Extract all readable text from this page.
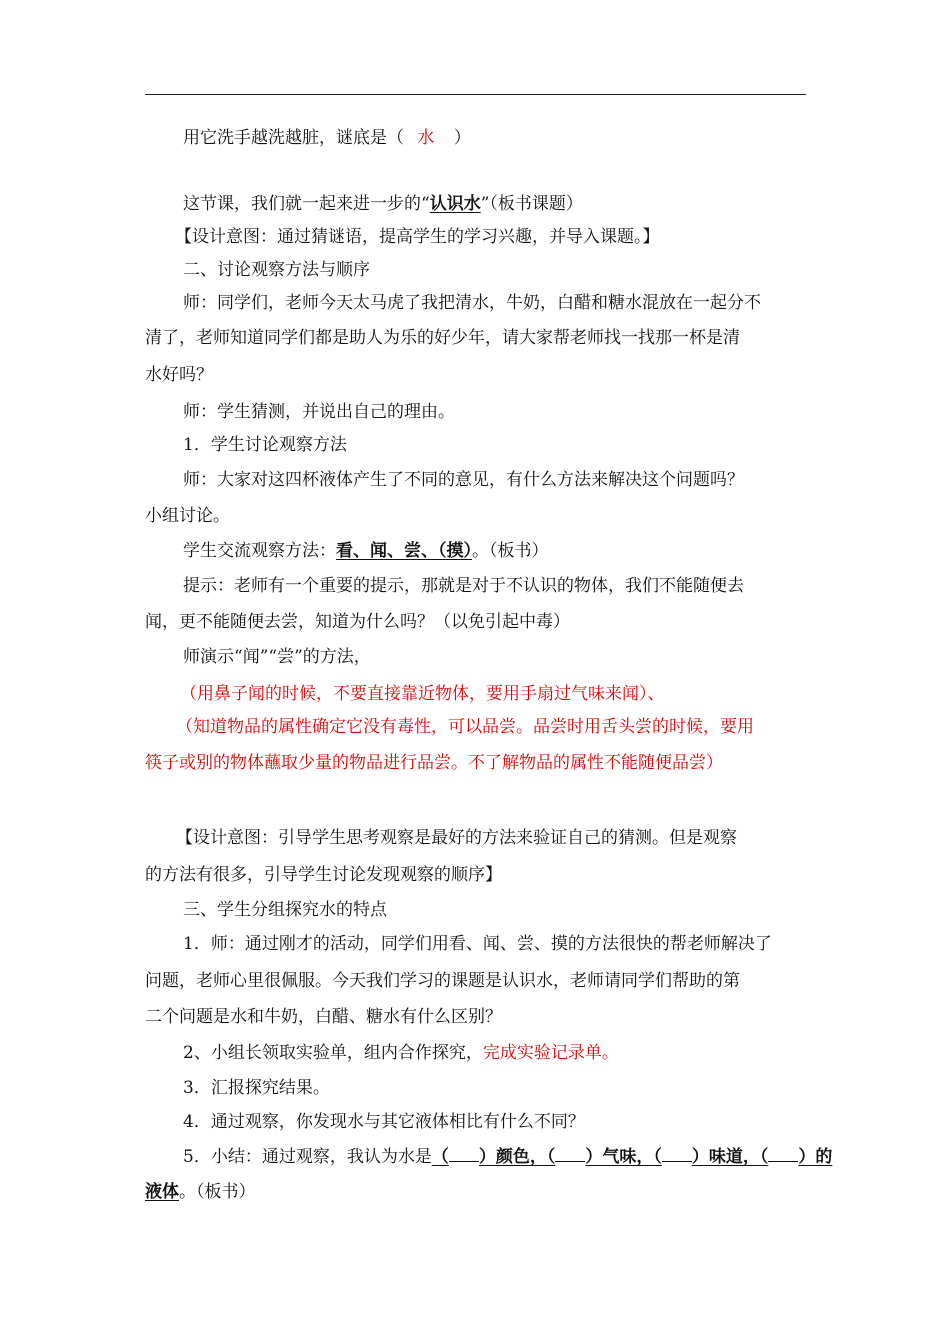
用它洗手越洗越脏，谜底是（ 水 ）
这节课，我们就一起来进一步的“认识水”（板书课题）
【设计意图：通过猜谜语，提高学生的学习兴趣，并导入课题。】
二、讨论观察方法与顺序
师：同学们，老师今天太马虎了我把清水，牛奶，白醋和糖水混放在一起分不
清了，老师知道同学们都是助人为乐的好少年，请大家帮老师找一找那一杯是清
水好吗？
师：学生猜测，并说出自己的理由。
1．学生讨论观察方法
师：大家对这四杯液体产生了不同的意见，有什么方法来解决这个问题吗？
小组讨论。
学生交流观察方法：看、闻、尝、（摸）。（板书）
提示：老师有一个重要的提示，那就是对于不认识的物体，我们不能随便去
闻，更不能随便去尝，知道为什么吗？（以免引起中毒）
师演示“闻”“尝”的方法，
（用鼻子闻的时候，不要直接靠近物体，要用手扇过气味来闻）、
（知道物品的属性确定它没有毒性，可以品尝。品尝时用舌头尝的时候，要用
筷子或别的物体蘸取少量的物品进行品尝。不了解物品的属性不能随便品尝）
【设计意图：引导学生思考观察是最好的方法来验证自己的猜测。但是观察
的方法有很多，引导学生讨论发现观察的顺序】
三、学生分组探究水的特点
1．师：通过刚才的活动，同学们用看、闻、尝、摸的方法很快的帮老师解决了
问题，老师心里很佩服。今天我们学习的课题是认识水，老师请同学们帮助的第
二个问题是水和牛奶，白醋、糖水有什么区别？
2、小组长领取实验单，组内合作探究，完成实验记录单。
3．汇报探究结果。
4．通过观察，你发现水与其它液体相比有什么不同？
5．小结：通过观察，我认为水是（ ）颜色，（ ）气味，（ ）味道，（ ）的
液体。（板书）
